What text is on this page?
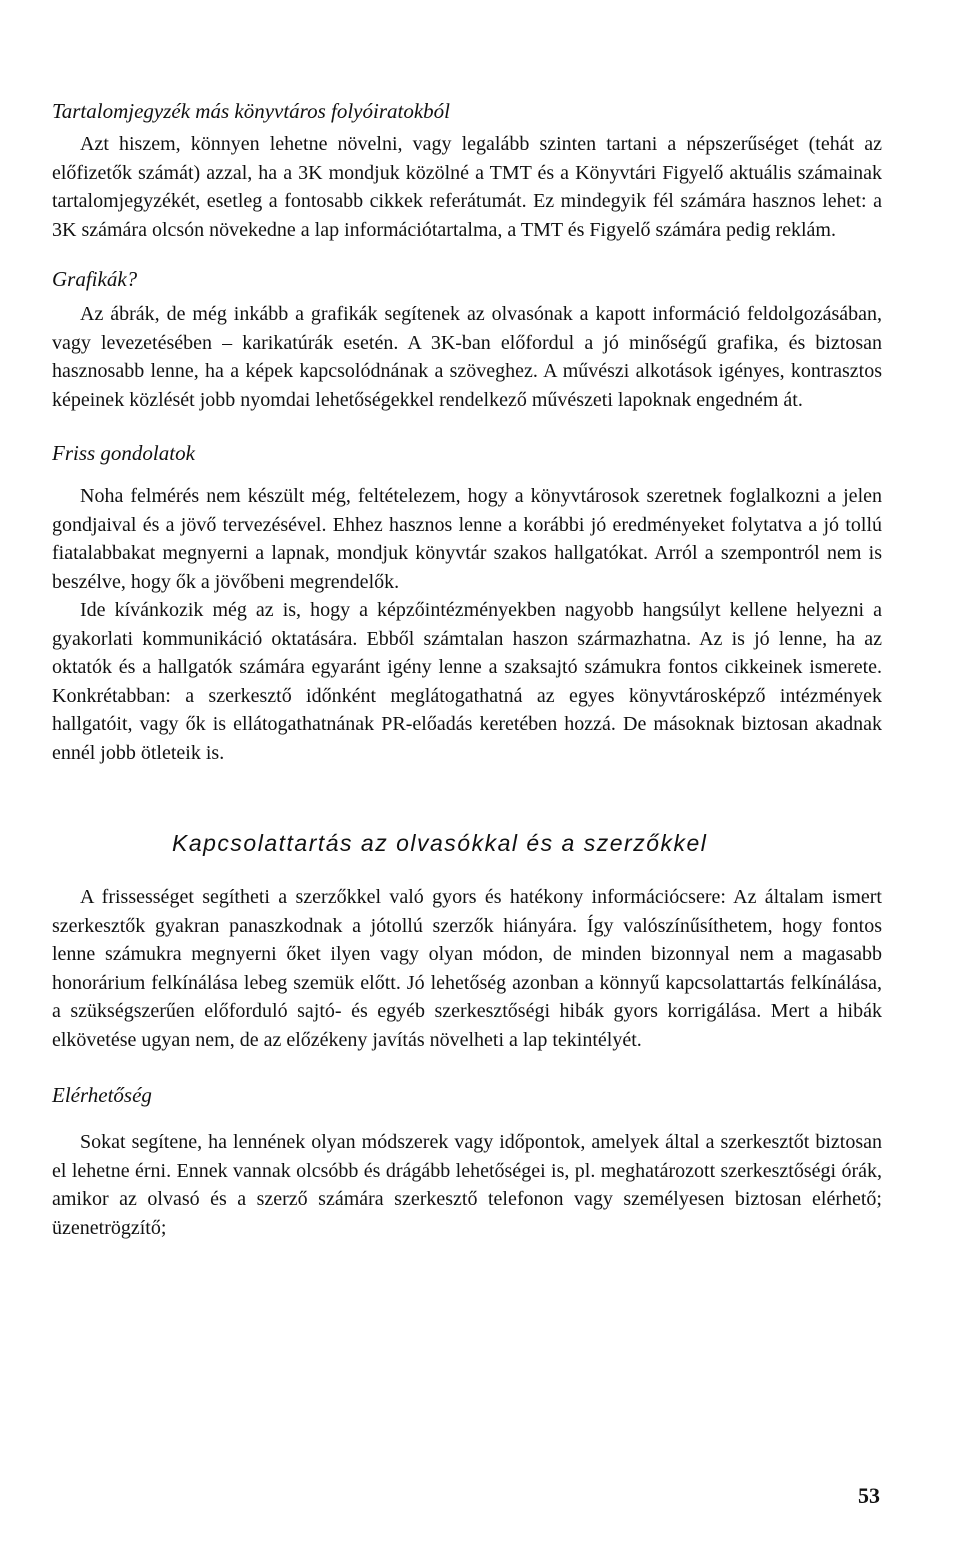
Tartalomjegyzék más könyvtáros folyóiratokból

Azt hiszem, könnyen lehetne növelni, vagy legalább szinten tartani a népszerűséget (tehát az előfizetők számát) azzal, ha a 3K mondjuk közölné a TMT és a Könyvtári Figyelő aktuális számainak tartalomjegyzékét, esetleg a fontosabb cikkek referátumát. Ez mindegyik fél számára hasznos lehet: a 3K számára olcsón növekedne a lap információtartalma, a TMT és Figyelő számára pedig reklám.

Grafikák?

Az ábrák, de még inkább a grafikák segítenek az olvasónak a kapott információ feldolgozásában, vagy levezetésében – karikatúrák esetén. A 3K-ban előfordul a jó minőségű grafika, és biztosan hasznosabb lenne, ha a képek kapcsolódnának a szöveghez. A művészi alkotások igényes, kontrasztos képeinek közlését jobb nyomdai lehetőségekkel rendelkező művészeti lapoknak engedném át.

Friss gondolatok

Noha felmérés nem készült még, feltételezem, hogy a könyvtárosok szeretnek foglalkozni a jelen gondjaival és a jövő tervezésével. Ehhez hasznos lenne a korábbi jó eredményeket folytatva a jó tollú fiatalabbakat megnyerni a lapnak, mondjuk könyvtár szakos hallgatókat. Arról a szempontról nem is beszélve, hogy ők a jövőbeni megrendelők.

Ide kívánkozik még az is, hogy a képzőintézményekben nagyobb hangsúlyt kellene helyezni a gyakorlati kommunikáció oktatására. Ebből számtalan haszon származhatna. Az is jó lenne, ha az oktatók és a hallgatók számára egyaránt igény lenne a szaksajtó számukra fontos cikkeinek ismerete. Konkrétabban: a szerkesztő időnként meglátogathatná az egyes könyvtárosképző intézmények hallgatóit, vagy ők is ellátogathatnának PR-előadás keretében hozzá. De másoknak biztosan akadnak ennél jobb ötleteik is.

Kapcsolattartás az olvasókkal és a szerzőkkel

A frissességet segítheti a szerzőkkel való gyors és hatékony információcsere: Az általam ismert szerkesztők gyakran panaszkodnak a jótollú szerzők hiányára. Így valószínűsíthetem, hogy fontos lenne számukra megnyerni őket ilyen vagy olyan módon, de minden bizonnyal nem a magasabb honorárium felkínálása lebeg szemük előtt. Jó lehetőség azonban a könnyű kapcsolattartás felkínálása, a szükségszerűen előforduló sajtó- és egyéb szerkesztőségi hibák gyors korrigálása. Mert a hibák elkövetése ugyan nem, de az előzékeny javítás növelheti a lap tekintélyét.

Elérhetőség

Sokat segítene, ha lennének olyan módszerek vagy időpontok, amelyek által a szerkesztőt biztosan el lehetne érni. Ennek vannak olcsóbb és drágább lehetőségei is, pl. meghatározott szerkesztőségi órák, amikor az olvasó és a szerző számára szerkesztő telefonon vagy személyesen biztosan elérhető; üzenetrögzítő;

53
